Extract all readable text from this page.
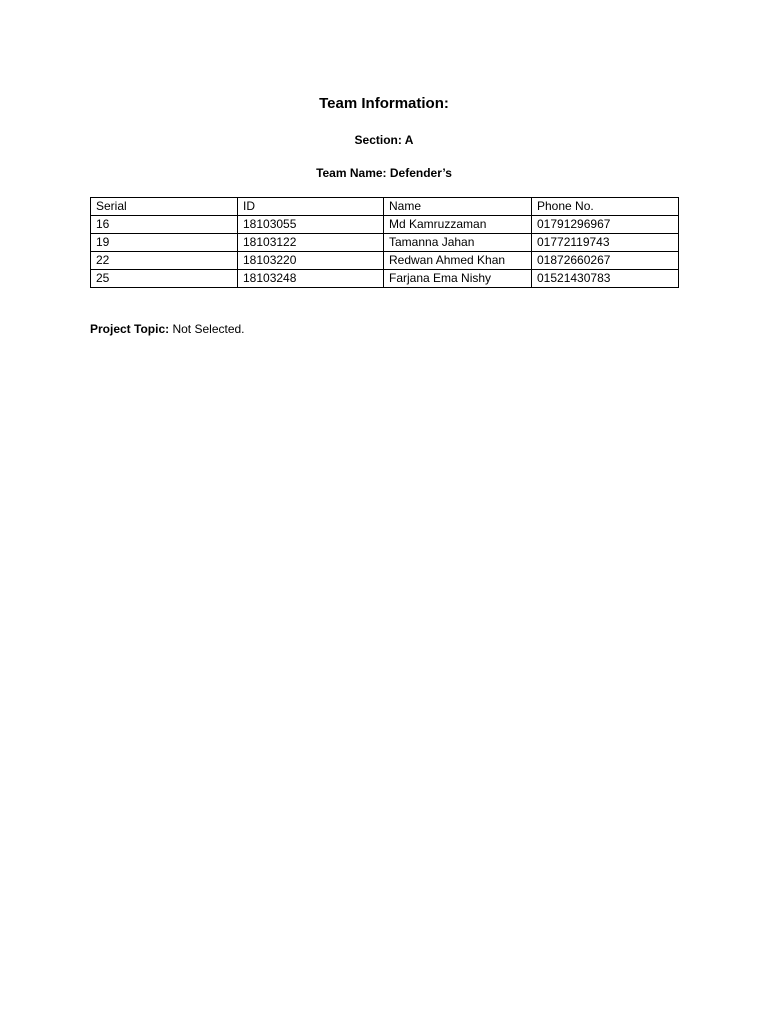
Team Information:
Section: A
Team Name: Defender’s
Serial	ID	Name	Phone No.
16	18103055	Md Kamruzzaman	01791296967
19	18103122	Tamanna Jahan	01772119743
22	18103220	Redwan Ahmed Khan	01872660267
25	18103248	Farjana Ema Nishy	01521430783
Project Topic: Not Selected.
